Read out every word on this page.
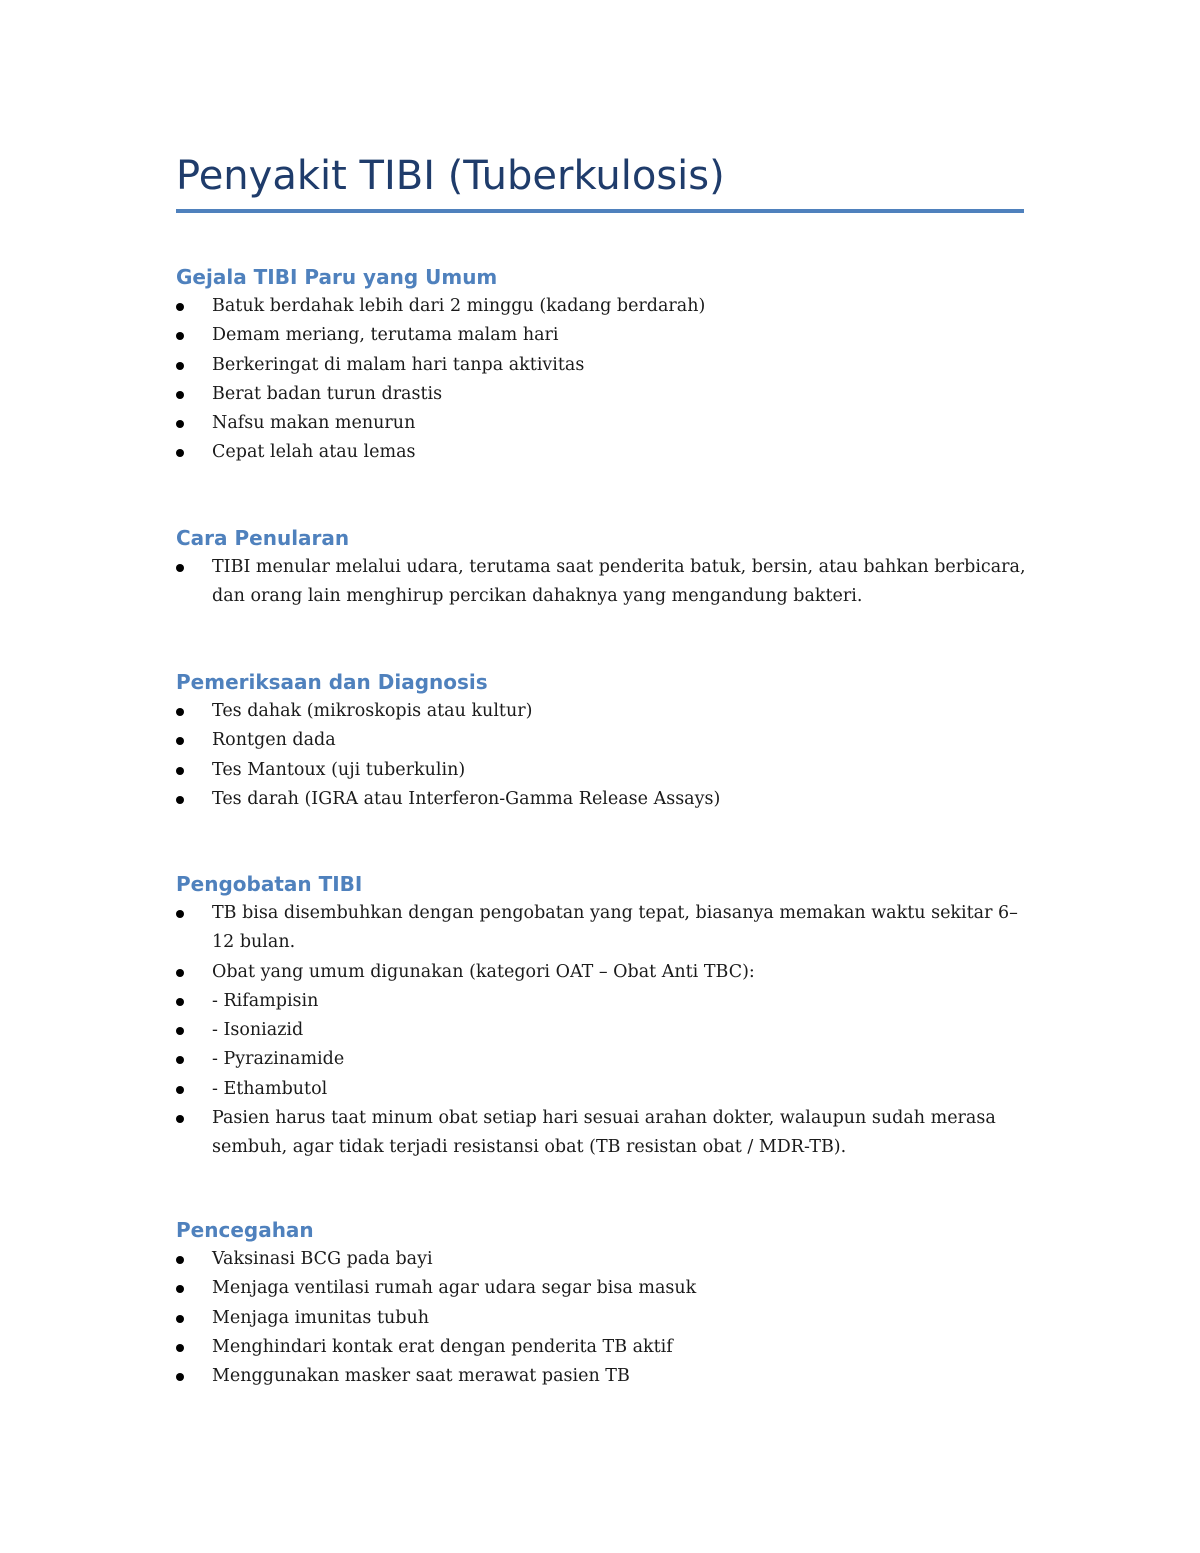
Penyakit TIBI (Tuberkulosis)
Gejala TIBI Paru yang Umum
Batuk berdahak lebih dari 2 minggu (kadang berdarah)
Demam meriang, terutama malam hari
Berkeringat di malam hari tanpa aktivitas
Berat badan turun drastis
Nafsu makan menurun
Cepat lelah atau lemas
Cara Penularan
TIBI menular melalui udara, terutama saat penderita batuk, bersin, atau bahkan berbicara, dan orang lain menghirup percikan dahaknya yang mengandung bakteri.
Pemeriksaan dan Diagnosis
Tes dahak (mikroskopis atau kultur)
Rontgen dada
Tes Mantoux (uji tuberkulin)
Tes darah (IGRA atau Interferon-Gamma Release Assays)
Pengobatan TIBI
TB bisa disembuhkan dengan pengobatan yang tepat, biasanya memakan waktu sekitar 6–12 bulan.
Obat yang umum digunakan (kategori OAT – Obat Anti TBC):
- Rifampisin
- Isoniazid
- Pyrazinamide
- Ethambutol
Pasien harus taat minum obat setiap hari sesuai arahan dokter, walaupun sudah merasa sembuh, agar tidak terjadi resistansi obat (TB resistan obat / MDR-TB).
Pencegahan
Vaksinasi BCG pada bayi
Menjaga ventilasi rumah agar udara segar bisa masuk
Menjaga imunitas tubuh
Menghindari kontak erat dengan penderita TB aktif
Menggunakan masker saat merawat pasien TB
